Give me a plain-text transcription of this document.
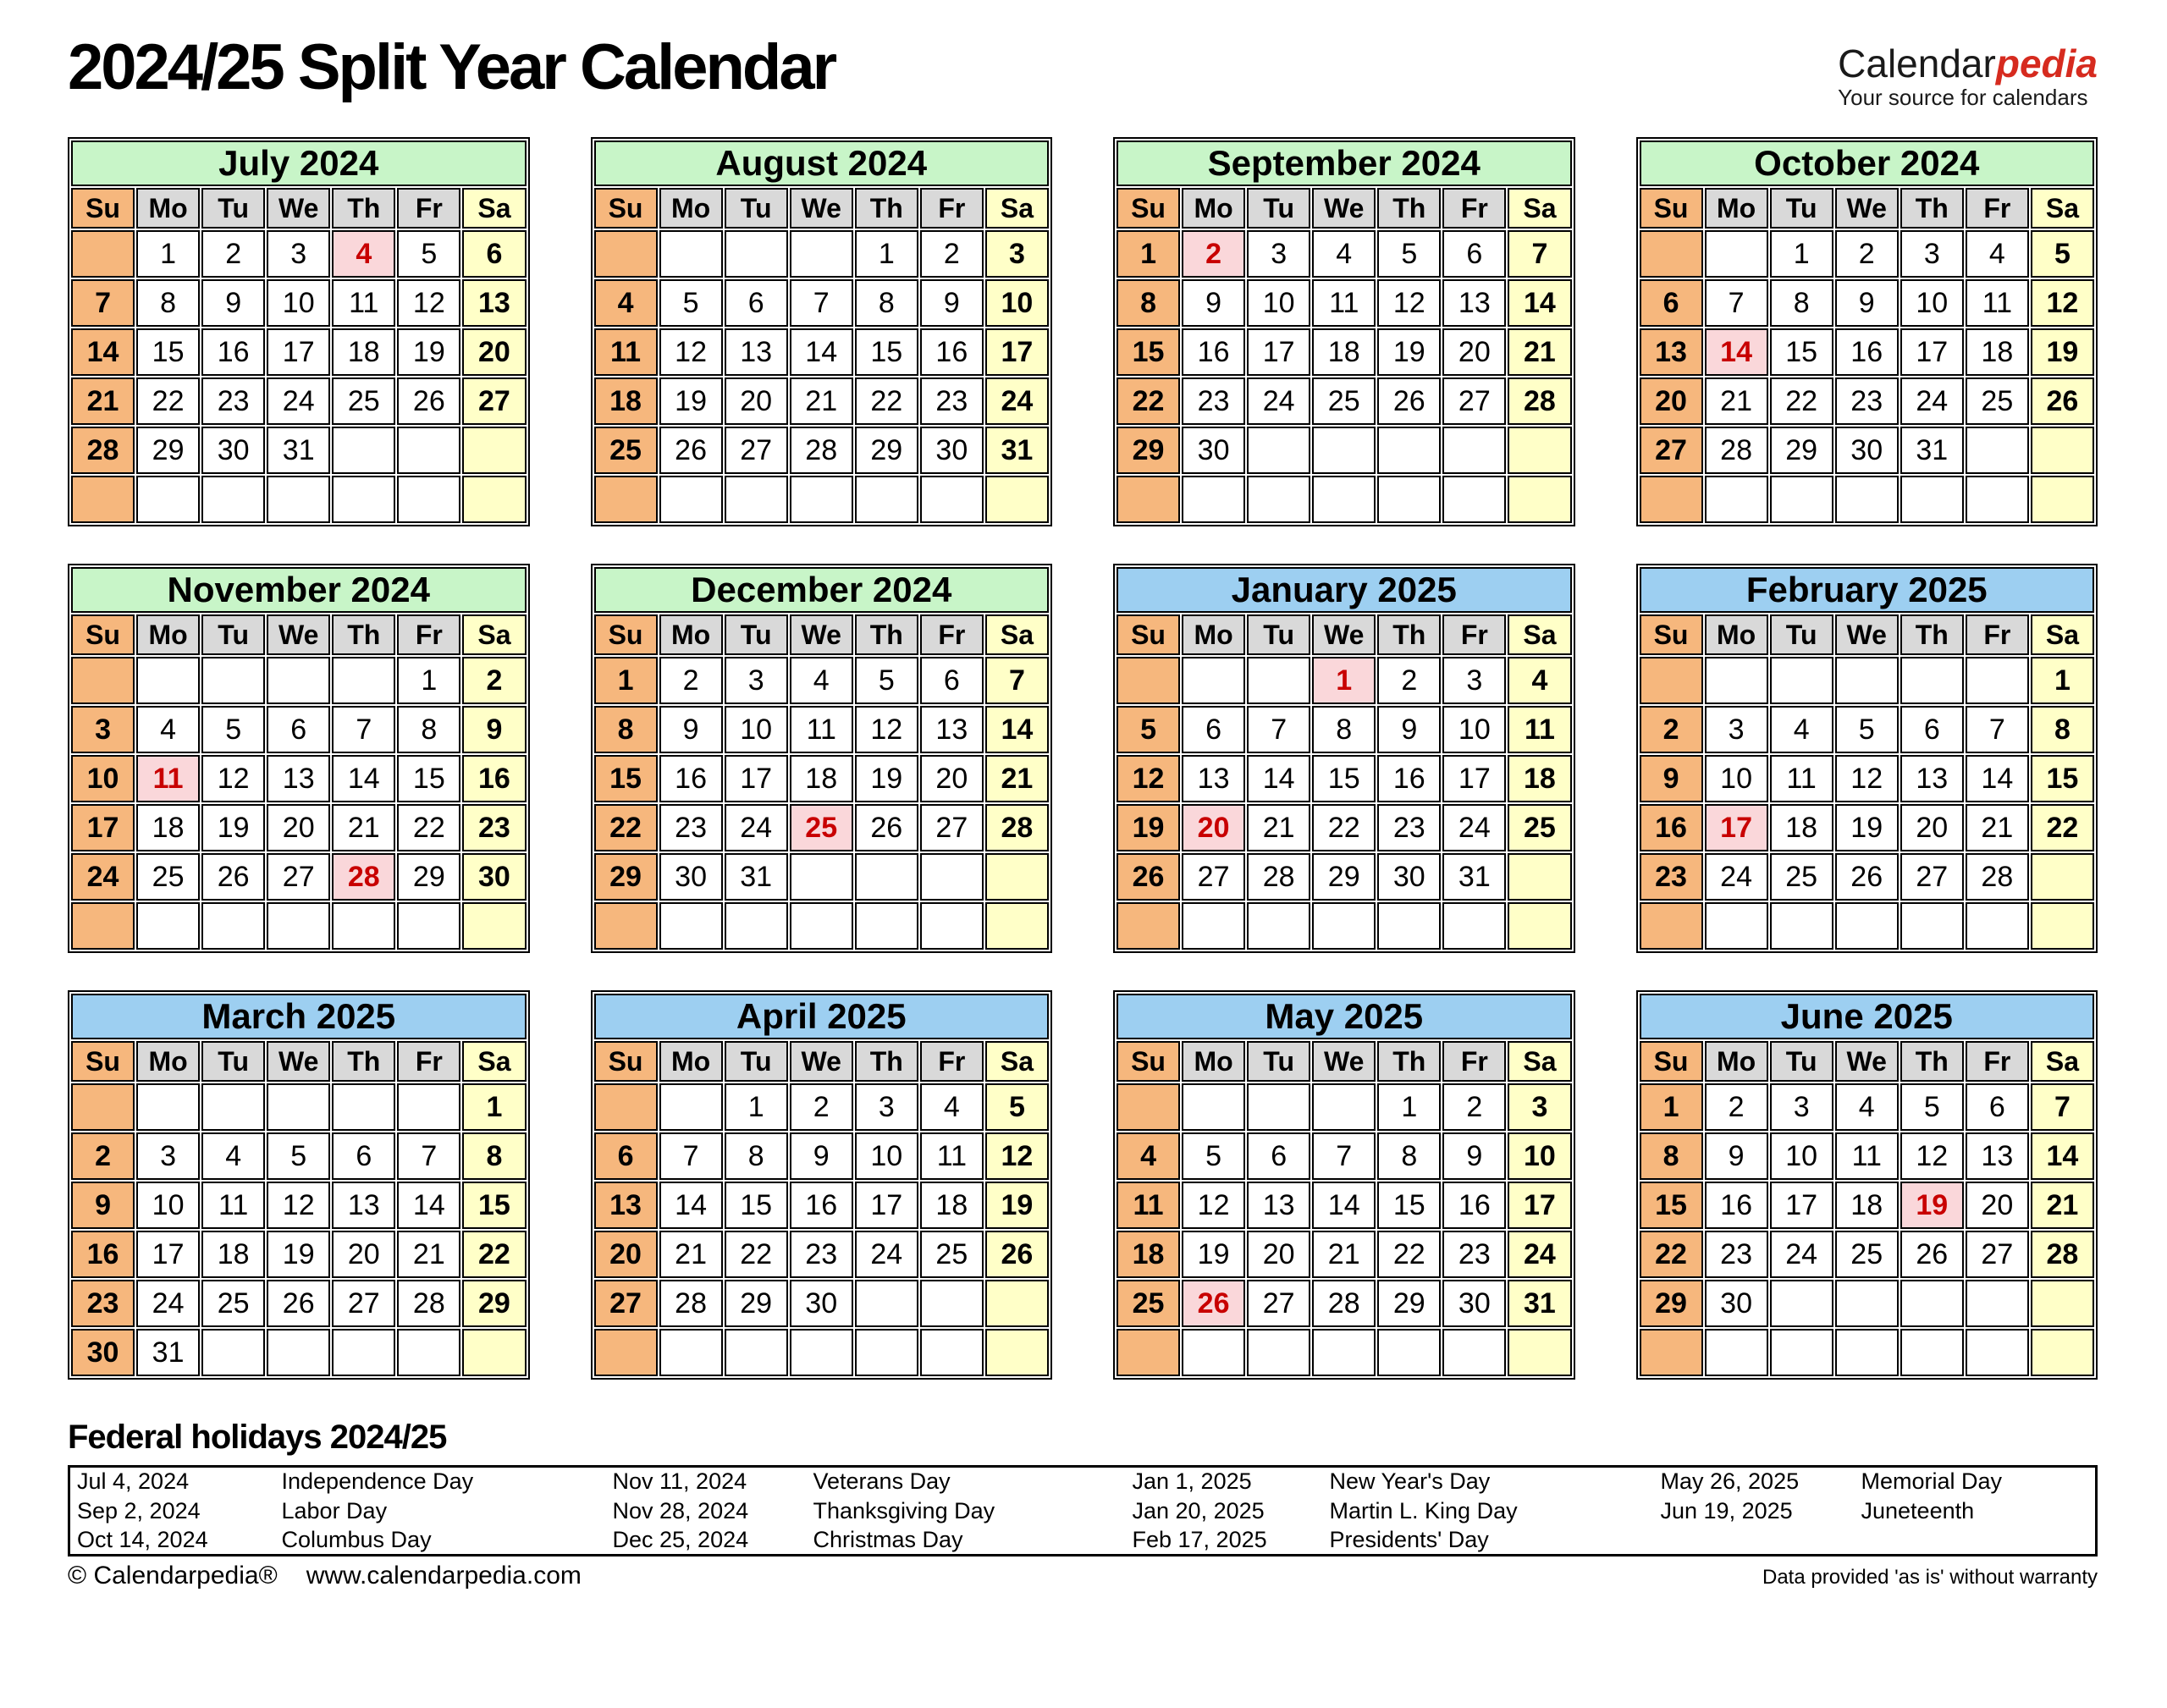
2024/25 Split Year Calendar	Calendarpedia
Your source for calendars
July 2024						
Su	Mo	Tu	We	Th	Fr	Sa
	1	2	3	4	5	6
7	8	9	10	11	12	13
14	15	16	17	18	19	20
21	22	23	24	25	26	27
28	29	30	31			

August 2024						
Su	Mo	Tu	We	Th	Fr	Sa
				1	2	3
4	5	6	7	8	9	10
11	12	13	14	15	16	17
18	19	20	21	22	23	24
25	26	27	28	29	30	31

September 2024						
Su	Mo	Tu	We	Th	Fr	Sa
1	2	3	4	5	6	7
8	9	10	11	12	13	14
15	16	17	18	19	20	21
22	23	24	25	26	27	28
29	30					

October 2024						
Su	Mo	Tu	We	Th	Fr	Sa
		1	2	3	4	5
6	7	8	9	10	11	12
13	14	15	16	17	18	19
20	21	22	23	24	25	26
27	28	29	30	31		

November 2024						
Su	Mo	Tu	We	Th	Fr	Sa
					1	2
3	4	5	6	7	8	9
10	11	12	13	14	15	16
17	18	19	20	21	22	23
24	25	26	27	28	29	30

December 2024						
Su	Mo	Tu	We	Th	Fr	Sa
1	2	3	4	5	6	7
8	9	10	11	12	13	14
15	16	17	18	19	20	21
22	23	24	25	26	27	28
29	30	31				

January 2025						
Su	Mo	Tu	We	Th	Fr	Sa
			1	2	3	4
5	6	7	8	9	10	11
12	13	14	15	16	17	18
19	20	21	22	23	24	25
26	27	28	29	30	31	

February 2025						
Su	Mo	Tu	We	Th	Fr	Sa
						1
2	3	4	5	6	7	8
9	10	11	12	13	14	15
16	17	18	19	20	21	22
23	24	25	26	27	28	

March 2025						
Su	Mo	Tu	We	Th	Fr	Sa
						1
2	3	4	5	6	7	8
9	10	11	12	13	14	15
16	17	18	19	20	21	22
23	24	25	26	27	28	29
30	31					
April 2025						
Su	Mo	Tu	We	Th	Fr	Sa
		1	2	3	4	5
6	7	8	9	10	11	12
13	14	15	16	17	18	19
20	21	22	23	24	25	26
27	28	29	30			

May 2025						
Su	Mo	Tu	We	Th	Fr	Sa
				1	2	3
4	5	6	7	8	9	10
11	12	13	14	15	16	17
18	19	20	21	22	23	24
25	26	27	28	29	30	31

June 2025						
Su	Mo	Tu	We	Th	Fr	Sa
1	2	3	4	5	6	7
8	9	10	11	12	13	14
15	16	17	18	19	20	21
22	23	24	25	26	27	28
29	30					

Federal holidays 2024/25
Jul 4, 2024	Independence Day	Nov 11, 2024	Veterans Day	Jan 1, 2025	New Year's Day	May 26, 2025	Memorial Day
Sep 2, 2024	Labor Day	Nov 28, 2024	Thanksgiving Day	Jan 20, 2025	Martin L. King Day	Jun 19, 2025	Juneteenth
Oct 14, 2024	Columbus Day	Dec 25, 2024	Christmas Day	Feb 17, 2025	Presidents' Day		
© Calendarpedia® www.calendarpedia.com	Data provided 'as is' without warranty
